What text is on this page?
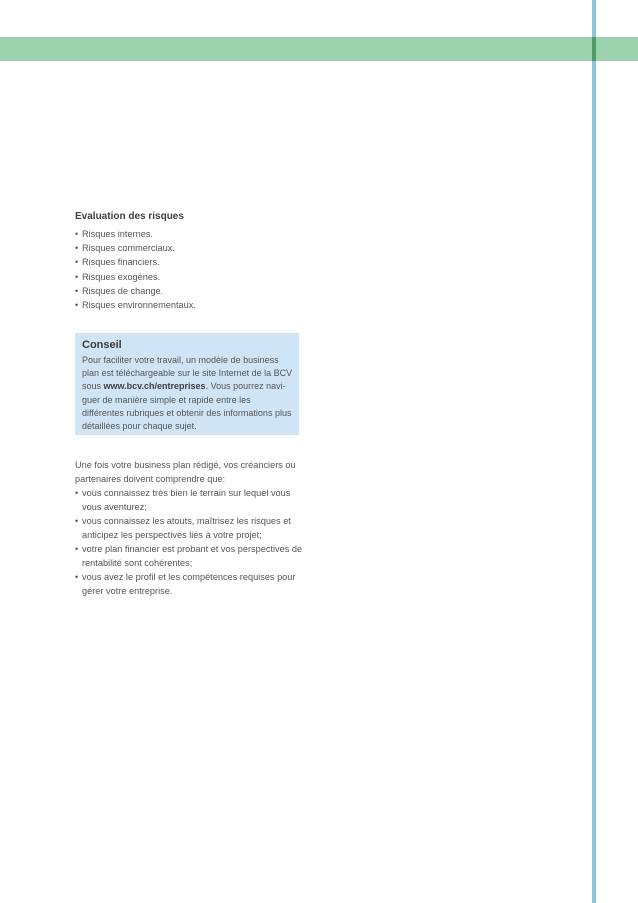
Evaluation des risques
• Risques internes.
• Risques commerciaux.
• Risques financiers.
• Risques exogènes.
• Risques de change.
• Risques environnementaux.
Conseil

Pour faciliter votre travail, un modèle de business plan est téléchargeable sur le site Internet de la BCV sous www.bcv.ch/entreprises. Vous pourrez navi-guer de manière simple et rapide entre les différentes rubriques et obtenir des informations plus détaillées pour chaque sujet.

Une fois votre business plan rédigé, vos créanciers ou partenaires doivent comprendre que:

• vous connaissez très bien le terrain sur lequel vous vous aventurez;
• vous connaissez les atouts, maîtrisez les risques et anticipez les perspectives liés à votre projet;
• votre plan financier est probant et vos perspectives de rentabilité sont cohérentes;
• vous avez le profil et les compétences requises pour gérer votre entreprise.
